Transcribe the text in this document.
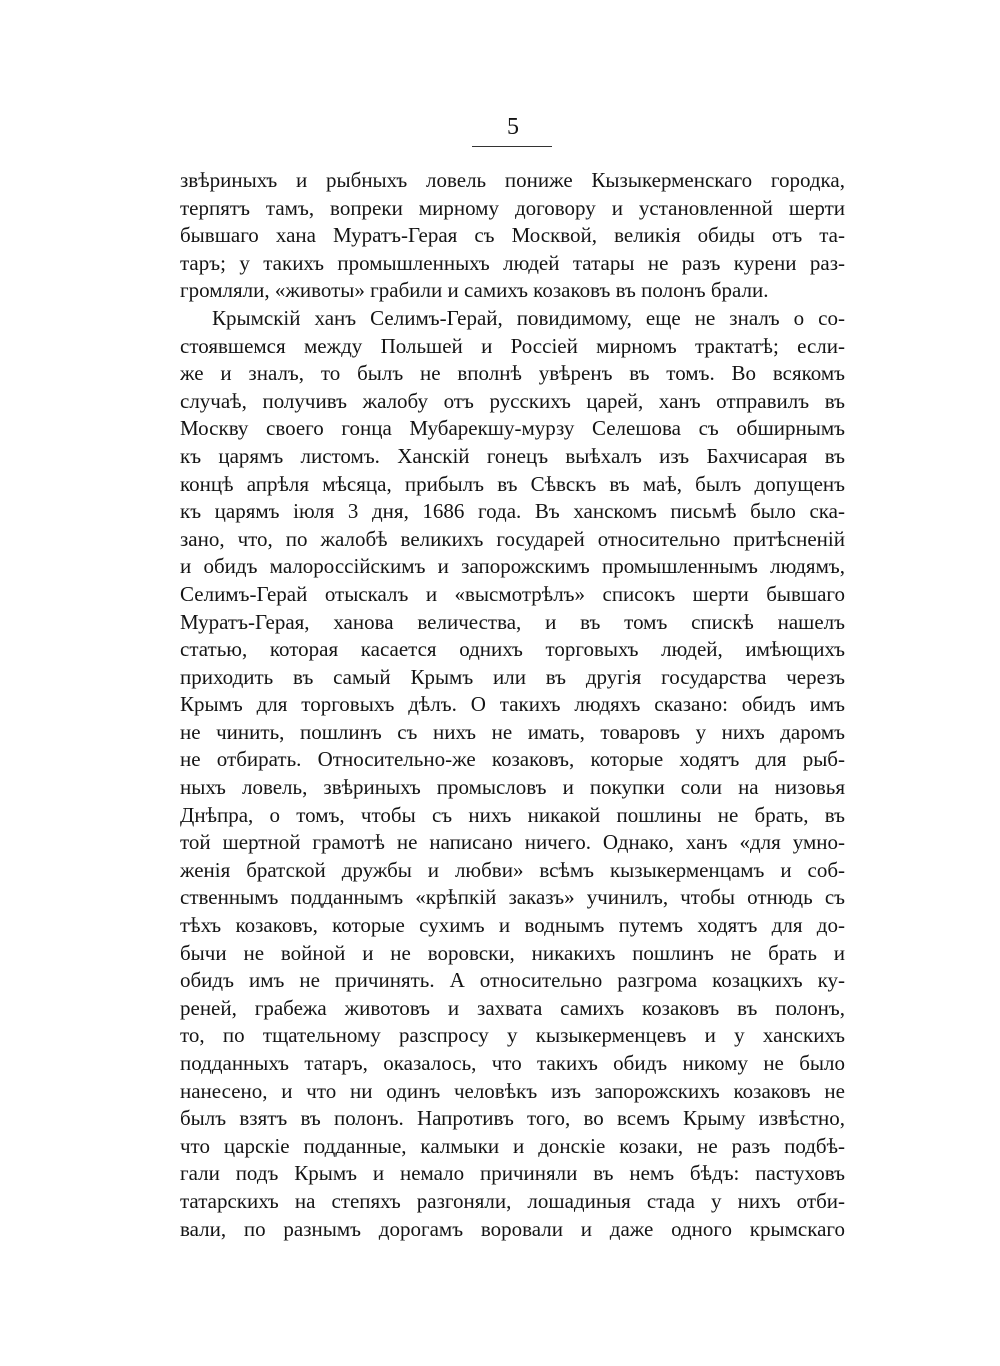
5
звѣриныхъ и рыбныхъ ловель пониже Кызыкерменскаго городка,
терпятъ тамъ, вопреки мирному договору и установленной шерти
бывшаго хана Муратъ-Герая съ Москвой, великія обиды отъ та-
таръ; у такихъ промышленныхъ людей татары не разъ курени раз-
громляли, «животы» грабили и самихъ козаковъ въ полонъ брали.
Крымскій ханъ Селимъ-Герай, повидимому, еще не зналъ о со-
стоявшемся между Польшей и Россіей мирномъ трактатѣ; если-
же и зналъ, то былъ не вполнѣ увѣренъ въ томъ. Во всякомъ
случаѣ, получивъ жалобу отъ русскихъ царей, ханъ отправилъ въ
Москву своего гонца Мубарекшу-мурзу Селешова съ обширнымъ
къ царямъ листомъ. Ханскій гонецъ выѣхалъ изъ Бахчисарая въ
концѣ апрѣля мѣсяца, прибылъ въ Сѣвскъ въ маѣ, былъ допущенъ
къ царямъ іюля 3 дня, 1686 года. Въ ханскомъ письмѣ было ска-
зано, что, по жалобѣ великихъ государей относительно притѣсненій
и обидъ малороссійскимъ и запорожскимъ промышленнымъ людямъ,
Селимъ-Герай отыскалъ и «высмотрѣлъ» списокъ шерти бывшаго
Муратъ-Герая, ханова величества, и въ томъ спискѣ нашелъ
статью, которая касается однихъ торговыхъ людей, имѣющихъ
приходить въ самый Крымъ или въ другія государства черезъ
Крымъ для торговыхъ дѣлъ. О такихъ людяхъ сказано: обидъ имъ
не чинить, пошлинъ съ нихъ не имать, товаровъ у нихъ даромъ
не отбирать. Относительно-же козаковъ, которые ходятъ для рыб-
ныхъ ловель, звѣриныхъ промысловъ и покупки соли на низовья
Днѣпра, о томъ, чтобы съ нихъ никакой пошлины не брать, въ
той шертной грамотѣ не написано ничего. Однако, ханъ «для умно-
женія братской дружбы и любви» всѣмъ кызыкерменцамъ и соб-
ственнымъ подданнымъ «крѣпкій заказъ» учинилъ, чтобы отнюдь съ
тѣхъ козаковъ, которые сухимъ и воднымъ путемъ ходятъ для до-
бычи не войной и не воровски, никакихъ пошлинъ не брать и
обидъ имъ не причинять. А относительно разгрома козацкихъ ку-
реней, грабежа животовъ и захвата самихъ козаковъ въ полонъ,
то, по тщательному разспросу у кызыкерменцевъ и у ханскихъ
подданныхъ татаръ, оказалось, что такихъ обидъ никому не было
нанесено, и что ни одинъ человѣкъ изъ запорожскихъ козаковъ не
былъ взятъ въ полонъ. Напротивъ того, во всемъ Крыму извѣстно,
что царскіе подданные, калмыки и донскіе козаки, не разъ подбѣ-
гали подъ Крымъ и немало причиняли въ немъ бѣдъ: пастуховъ
татарскихъ на степяхъ разгоняли, лошадиныя стада у нихъ отби-
вали, по разнымъ дорогамъ воровали и даже одного крымскаго
